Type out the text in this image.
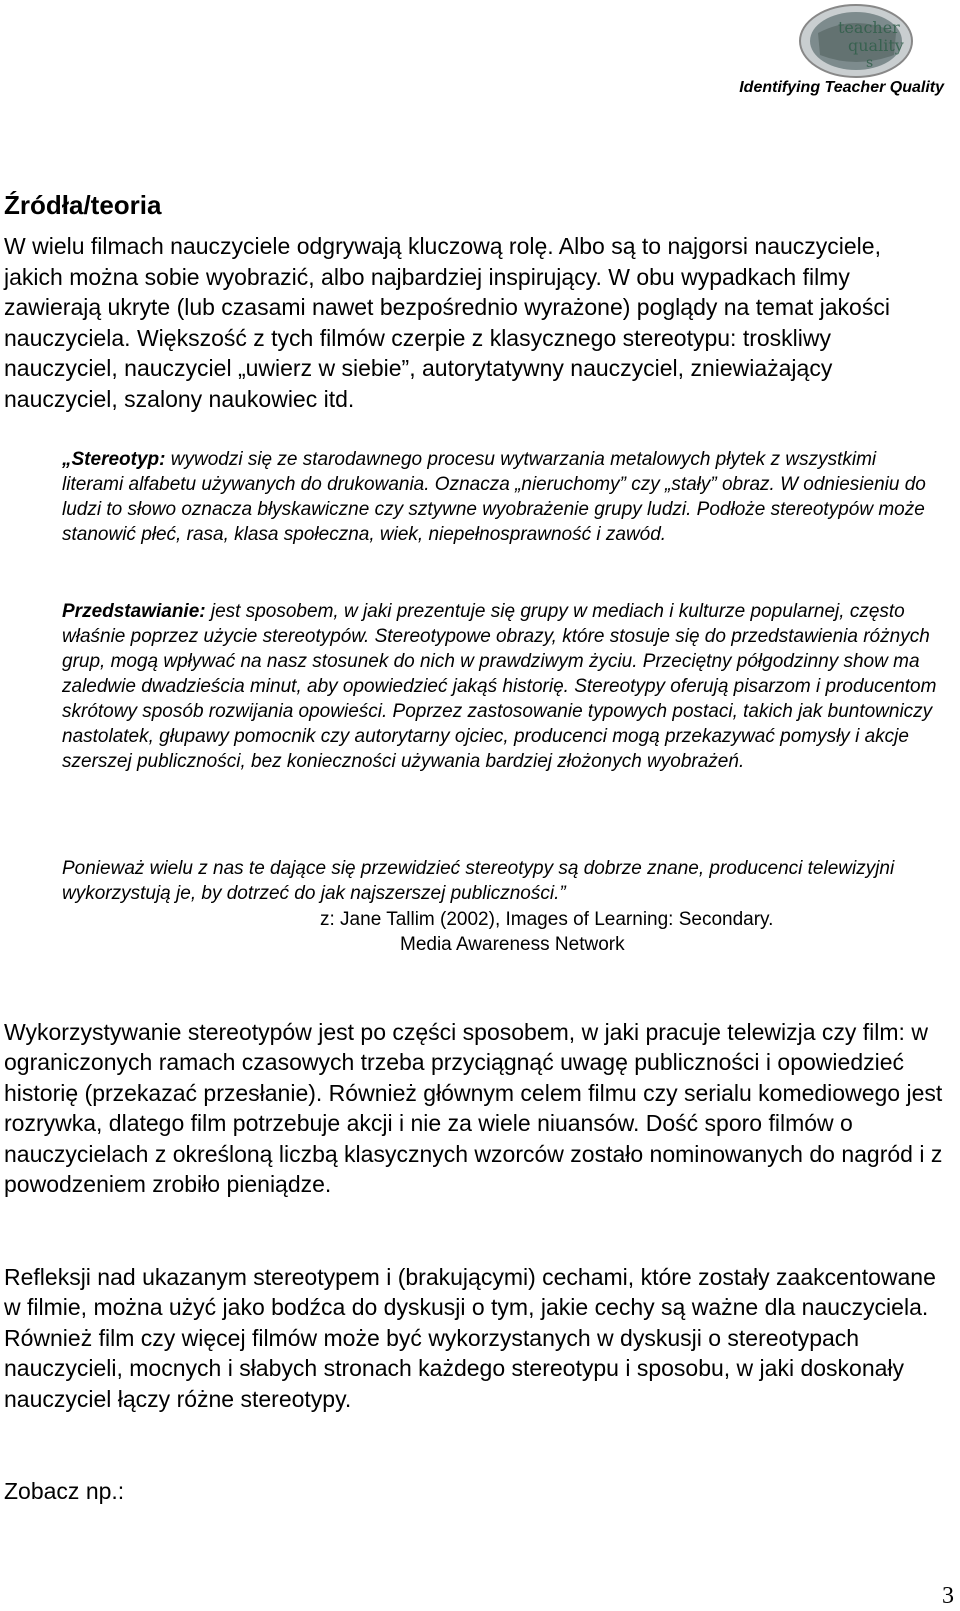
teacher
quality
s
Identifying Teacher Quality
Źródła/teoria
W wielu filmach nauczyciele odgrywają kluczową rolę. Albo są to najgorsi nauczyciele, jakich można sobie wyobrazić, albo najbardziej inspirujący. W obu wypadkach filmy zawierają ukryte (lub czasami nawet bezpośrednio wyrażone) poglądy na temat jakości nauczyciela. Większość z tych filmów czerpie z klasycznego stereotypu: troskliwy nauczyciel, nauczyciel „uwierz w siebie”, autorytatywny nauczyciel, zniewiażający nauczyciel, szalony naukowiec itd.
„Stereotyp: wywodzi się ze starodawnego procesu wytwarzania metalowych płytek z wszystkimi literami alfabetu używanych do drukowania. Oznacza „nieruchomy” czy „stały” obraz. W odniesieniu do ludzi to słowo oznacza błyskawiczne czy sztywne wyobrażenie grupy ludzi. Podłoże stereotypów może stanowić płeć, rasa, klasa społeczna, wiek, niepełnosprawność i zawód.
Przedstawianie: jest sposobem, w jaki prezentuje się grupy w mediach i kulturze popularnej, często właśnie poprzez użycie stereotypów. Stereotypowe obrazy, które stosuje się do przedstawienia różnych grup, mogą wpływać na nasz stosunek do nich w prawdziwym życiu. Przeciętny półgodzinny show ma zaledwie dwadzieścia minut, aby opowiedzieć jakąś historię. Stereotypy oferują pisarzom i producentom skrótowy sposób rozwijania opowieści. Poprzez zastosowanie typowych postaci, takich jak buntowniczy nastolatek, głupawy pomocnik czy autorytarny ojciec, producenci mogą przekazywać pomysły i akcje szerszej publiczności, bez konieczności używania bardziej złożonych wyobrażeń.
Ponieważ wielu z nas te dające się przewidzieć stereotypy są dobrze znane, producenci telewizyjni wykorzystują je, by dotrzeć do jak najszerszej publiczności.”
z: Jane Tallim (2002), Images of Learning: Secondary.
Media Awareness Network
Wykorzystywanie stereotypów jest po części sposobem, w jaki pracuje telewizja czy film: w ograniczonych ramach czasowych trzeba przyciągnąć uwagę publiczności i opowiedzieć historię (przekazać przesłanie). Również głównym celem filmu czy serialu komediowego jest rozrywka, dlatego film potrzebuje akcji i nie za wiele niuansów. Dość sporo filmów o nauczycielach z określoną liczbą klasycznych wzorców zostało nominowanych do nagród i z powodzeniem zrobiło pieniądze.
Refleksji nad ukazanym stereotypem i (brakującymi) cechami, które zostały zaakcentowane w filmie, można użyć jako bodźca do dyskusji o tym, jakie cechy są ważne dla nauczyciela. Również film czy więcej filmów może być wykorzystanych w dyskusji o stereotypach nauczycieli, mocnych i słabych stronach każdego stereotypu i sposobu, w jaki doskonały nauczyciel łączy różne stereotypy.
Zobacz np.:
3
